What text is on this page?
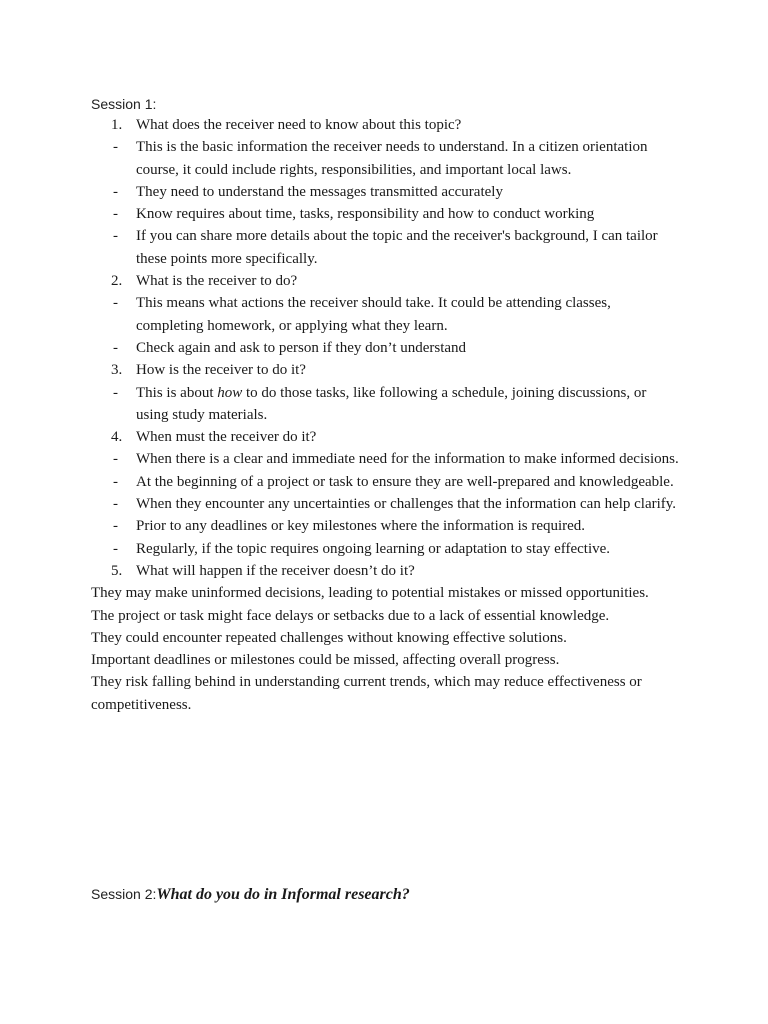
Session 1:
1. What does the receiver need to know about this topic?
-	This is the basic information the receiver needs to understand. In a citizen orientation course, it could include rights, responsibilities, and important local laws.
-	They need to understand the messages transmitted accurately
-	Know requires about time, tasks, responsibility and how to conduct working
-	If you can share more details about the topic and the receiver's background, I can tailor these points more specifically.
2. What is the receiver to do?
-	This means what actions the receiver should take. It could be attending classes, completing homework, or applying what they learn.
-	Check again and ask to person if they don’t understand
3. How is the receiver to do it?
-	This is about how to do those tasks, like following a schedule, joining discussions, or using study materials.
4. When must the receiver do it?
-	When there is a clear and immediate need for the information to make informed decisions.
-	At the beginning of a project or task to ensure they are well-prepared and knowledgeable.
-	When they encounter any uncertainties or challenges that the information can help clarify.
-	Prior to any deadlines or key milestones where the information is required.
-	Regularly, if the topic requires ongoing learning or adaptation to stay effective.
5. What will happen if the receiver doesn’t do it?
They may make uninformed decisions, leading to potential mistakes or missed opportunities.
The project or task might face delays or setbacks due to a lack of essential knowledge.
They could encounter repeated challenges without knowing effective solutions.
Important deadlines or milestones could be missed, affecting overall progress.
They risk falling behind in understanding current trends, which may reduce effectiveness or competitiveness.
Session 2:What do you do in Informal research?
